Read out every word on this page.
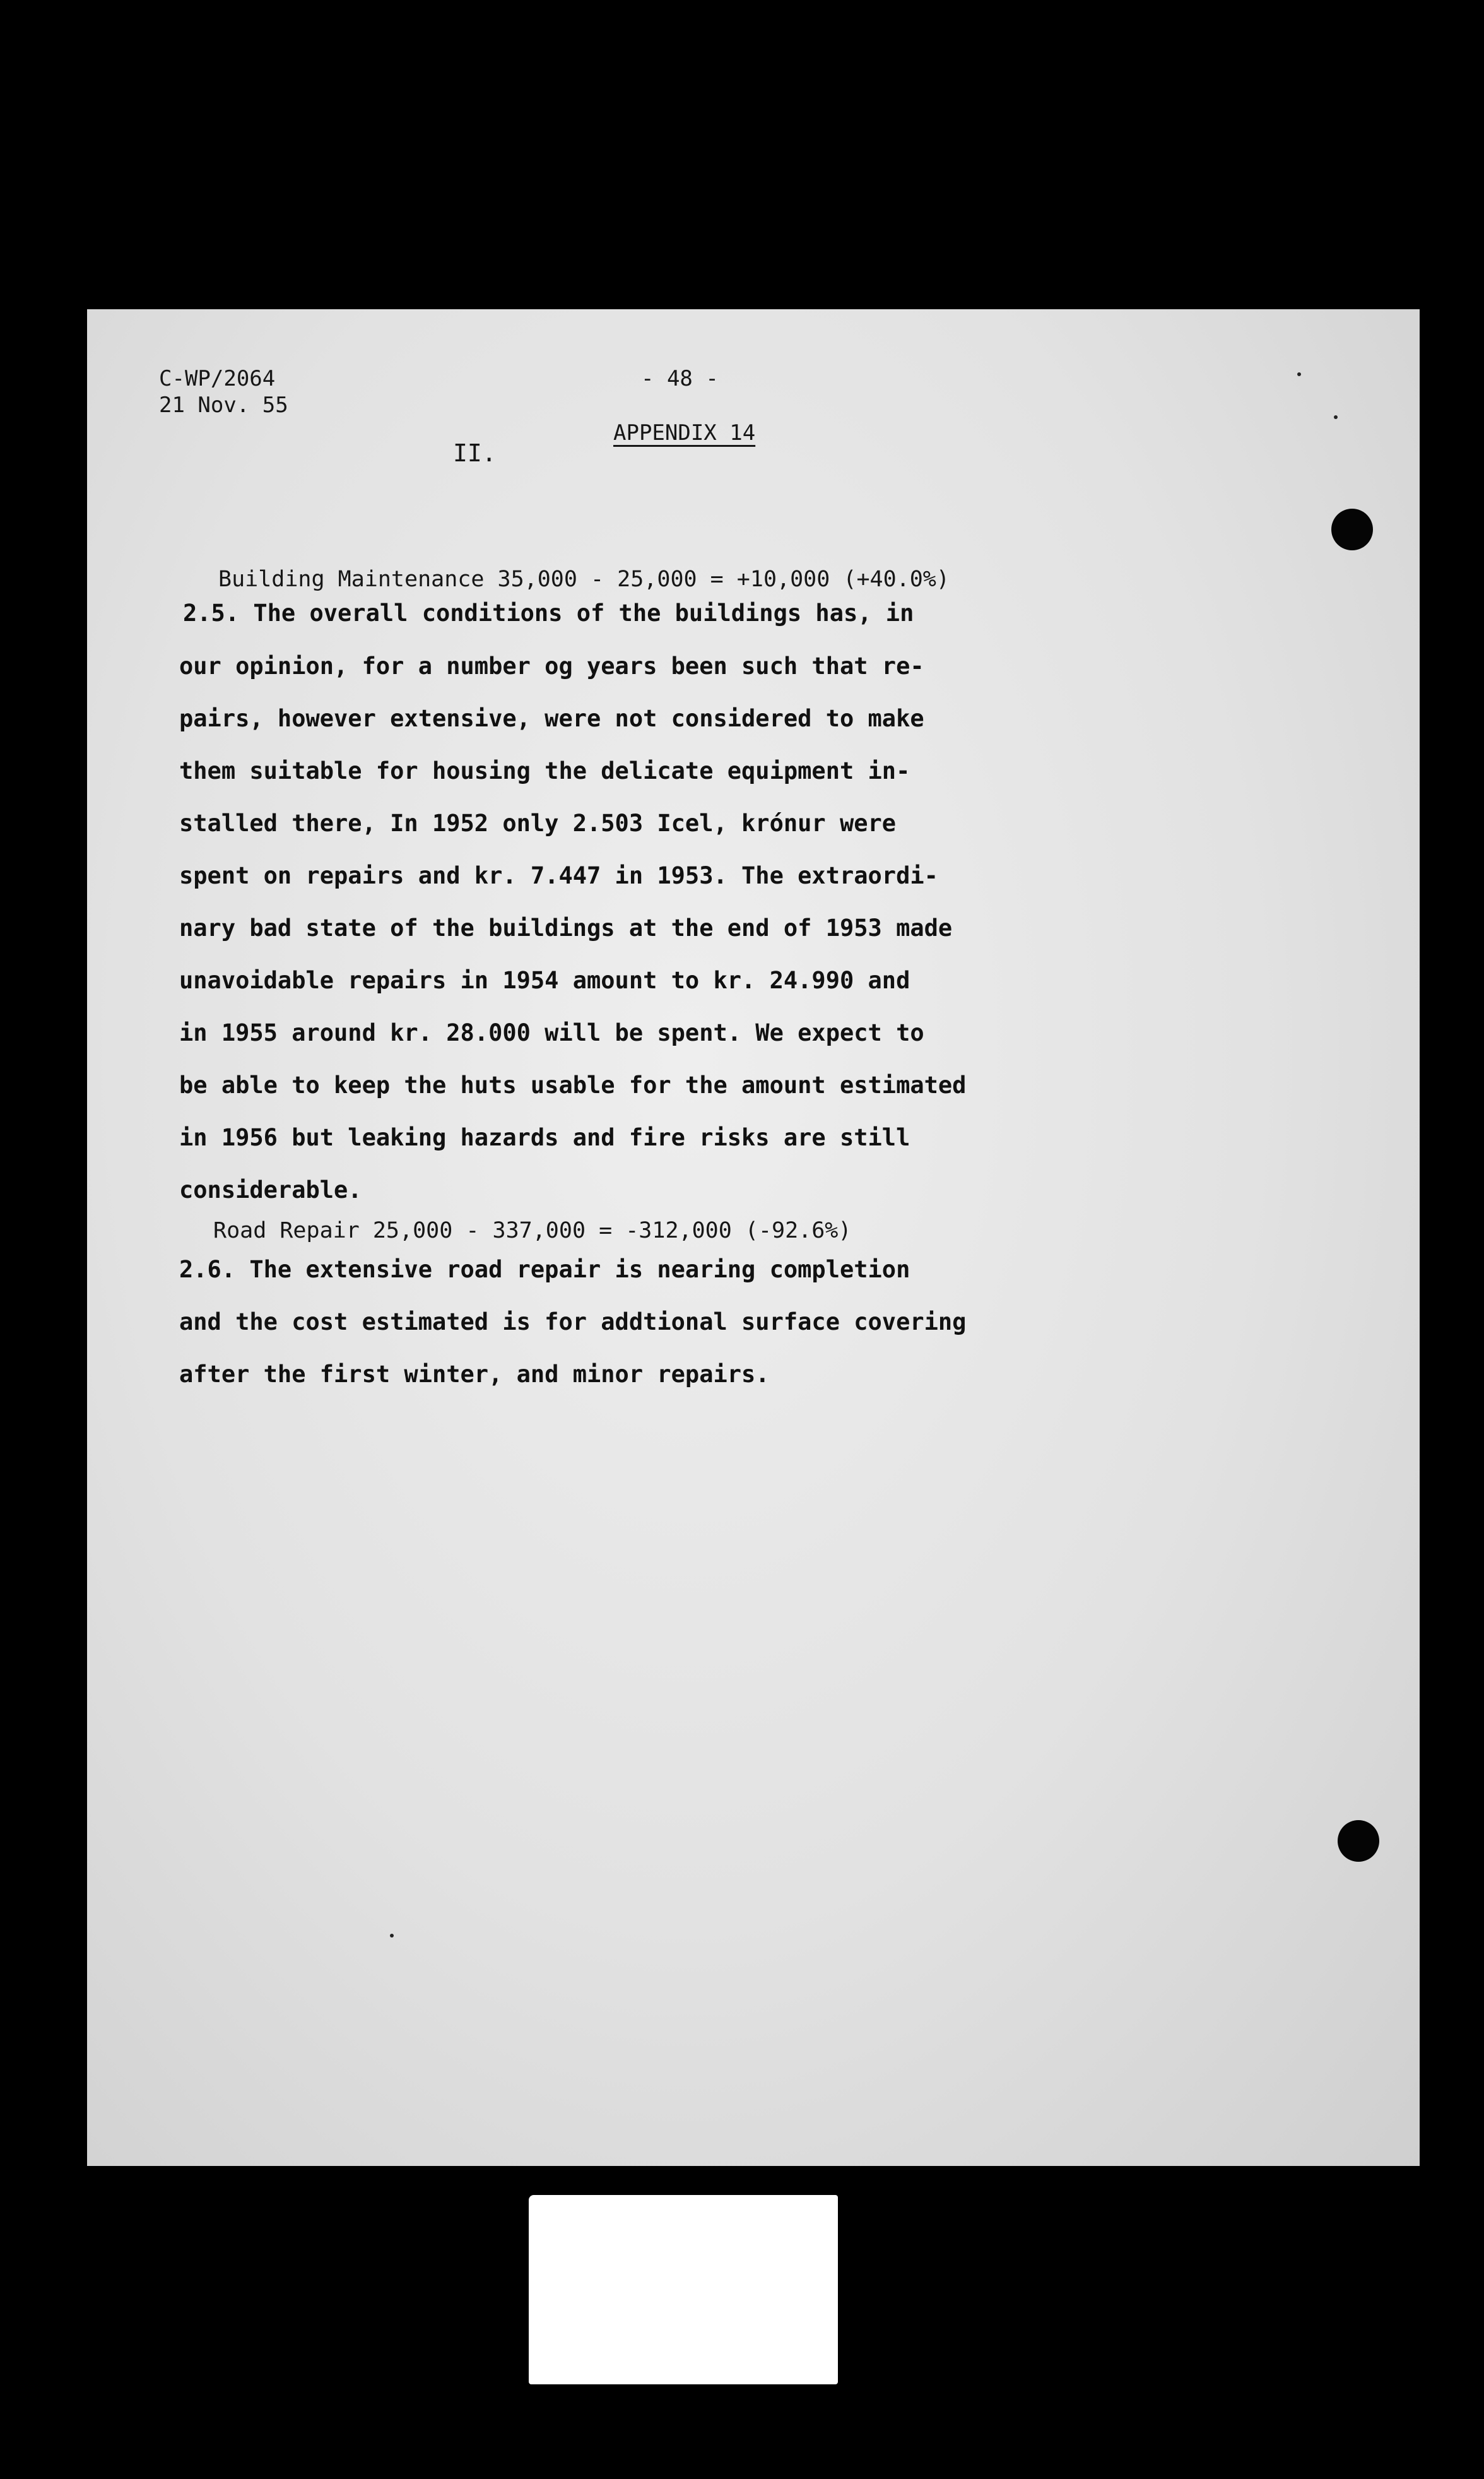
C-WP/2064
21 Nov. 55
- 48 -
APPENDIX 14
II.
Building Maintenance 35,000 - 25,000 = +10,000 (+40.0%)
2.5. The overall conditions of the buildings has, in
our opinion, for a number og years been such that re-
pairs, however extensive, were not considered to make
them suitable for housing the delicate equipment in-
stalled there, In 1952 only 2.503 Icel, krónur were
spent on repairs and kr. 7.447 in 1953. The extraordi-
nary bad state of the buildings at the end of 1953 made
unavoidable repairs in 1954 amount to kr. 24.990 and
in 1955 around kr. 28.000 will be spent. We expect to
be able to keep the huts usable for the amount estimated
in 1956 but leaking hazards and fire risks are still
considerable.
Road Repair 25,000 - 337,000 = -312,000 (-92.6%)
2.6. The extensive road repair is nearing completion
and the cost estimated is for addtional surface covering
after the first winter, and minor repairs.
